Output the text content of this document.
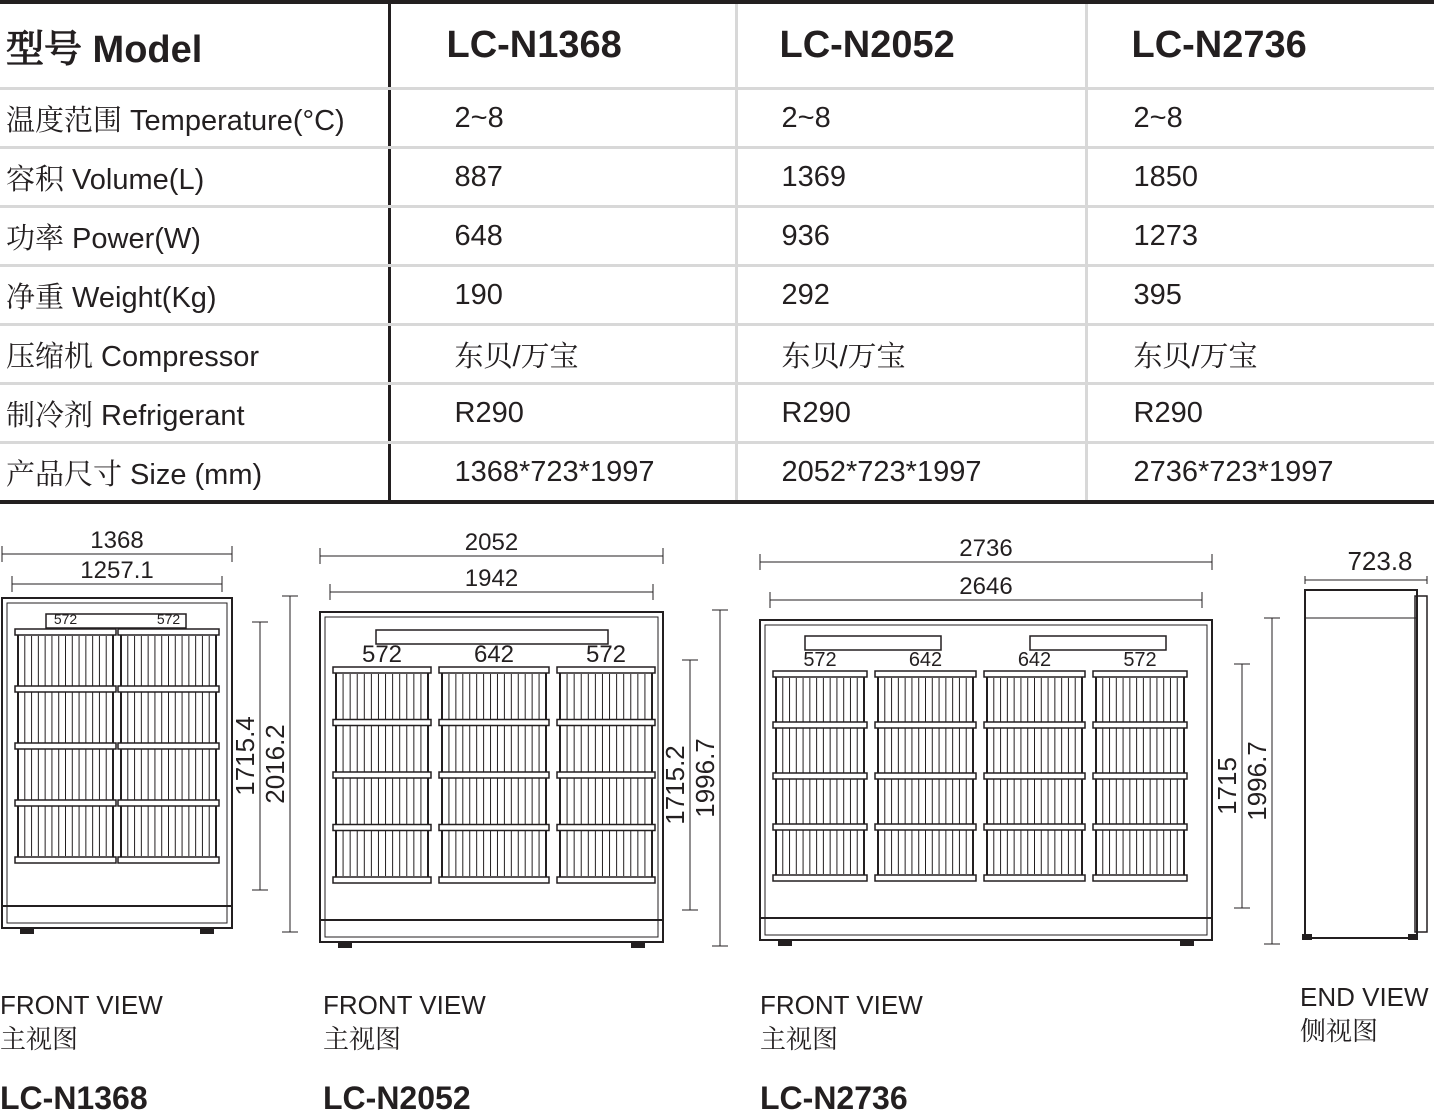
型号 Model	LC-N1368	LC-N2052	LC-N2736
温度范围 Temperature(°C)	2~8	2~8	2~8
容积 Volume(L)	887	1369	1850
功率 Power(W)	648	936	1273
净重 Weight(Kg)	190	292	395
压缩机 Compressor	东贝/万宝	东贝/万宝	东贝/万宝
制冷剂 Refrigerant	R290	R290	R290
产品尺寸 Size (mm)	1368*723*1997	2052*723*1997	2736*723*1997
1368
1257.1
1715.4 2016.2
572	572
2052
1942
1715.2 1996.7
572	642	572
2736
2646
1715 1996.7
572	642	642	572
723.8
FRONT VIEW
主视图
LC-N1368
FRONT VIEW
主视图
LC-N2052
FRONT VIEW
主视图
LC-N2736
END VIEW
侧视图
